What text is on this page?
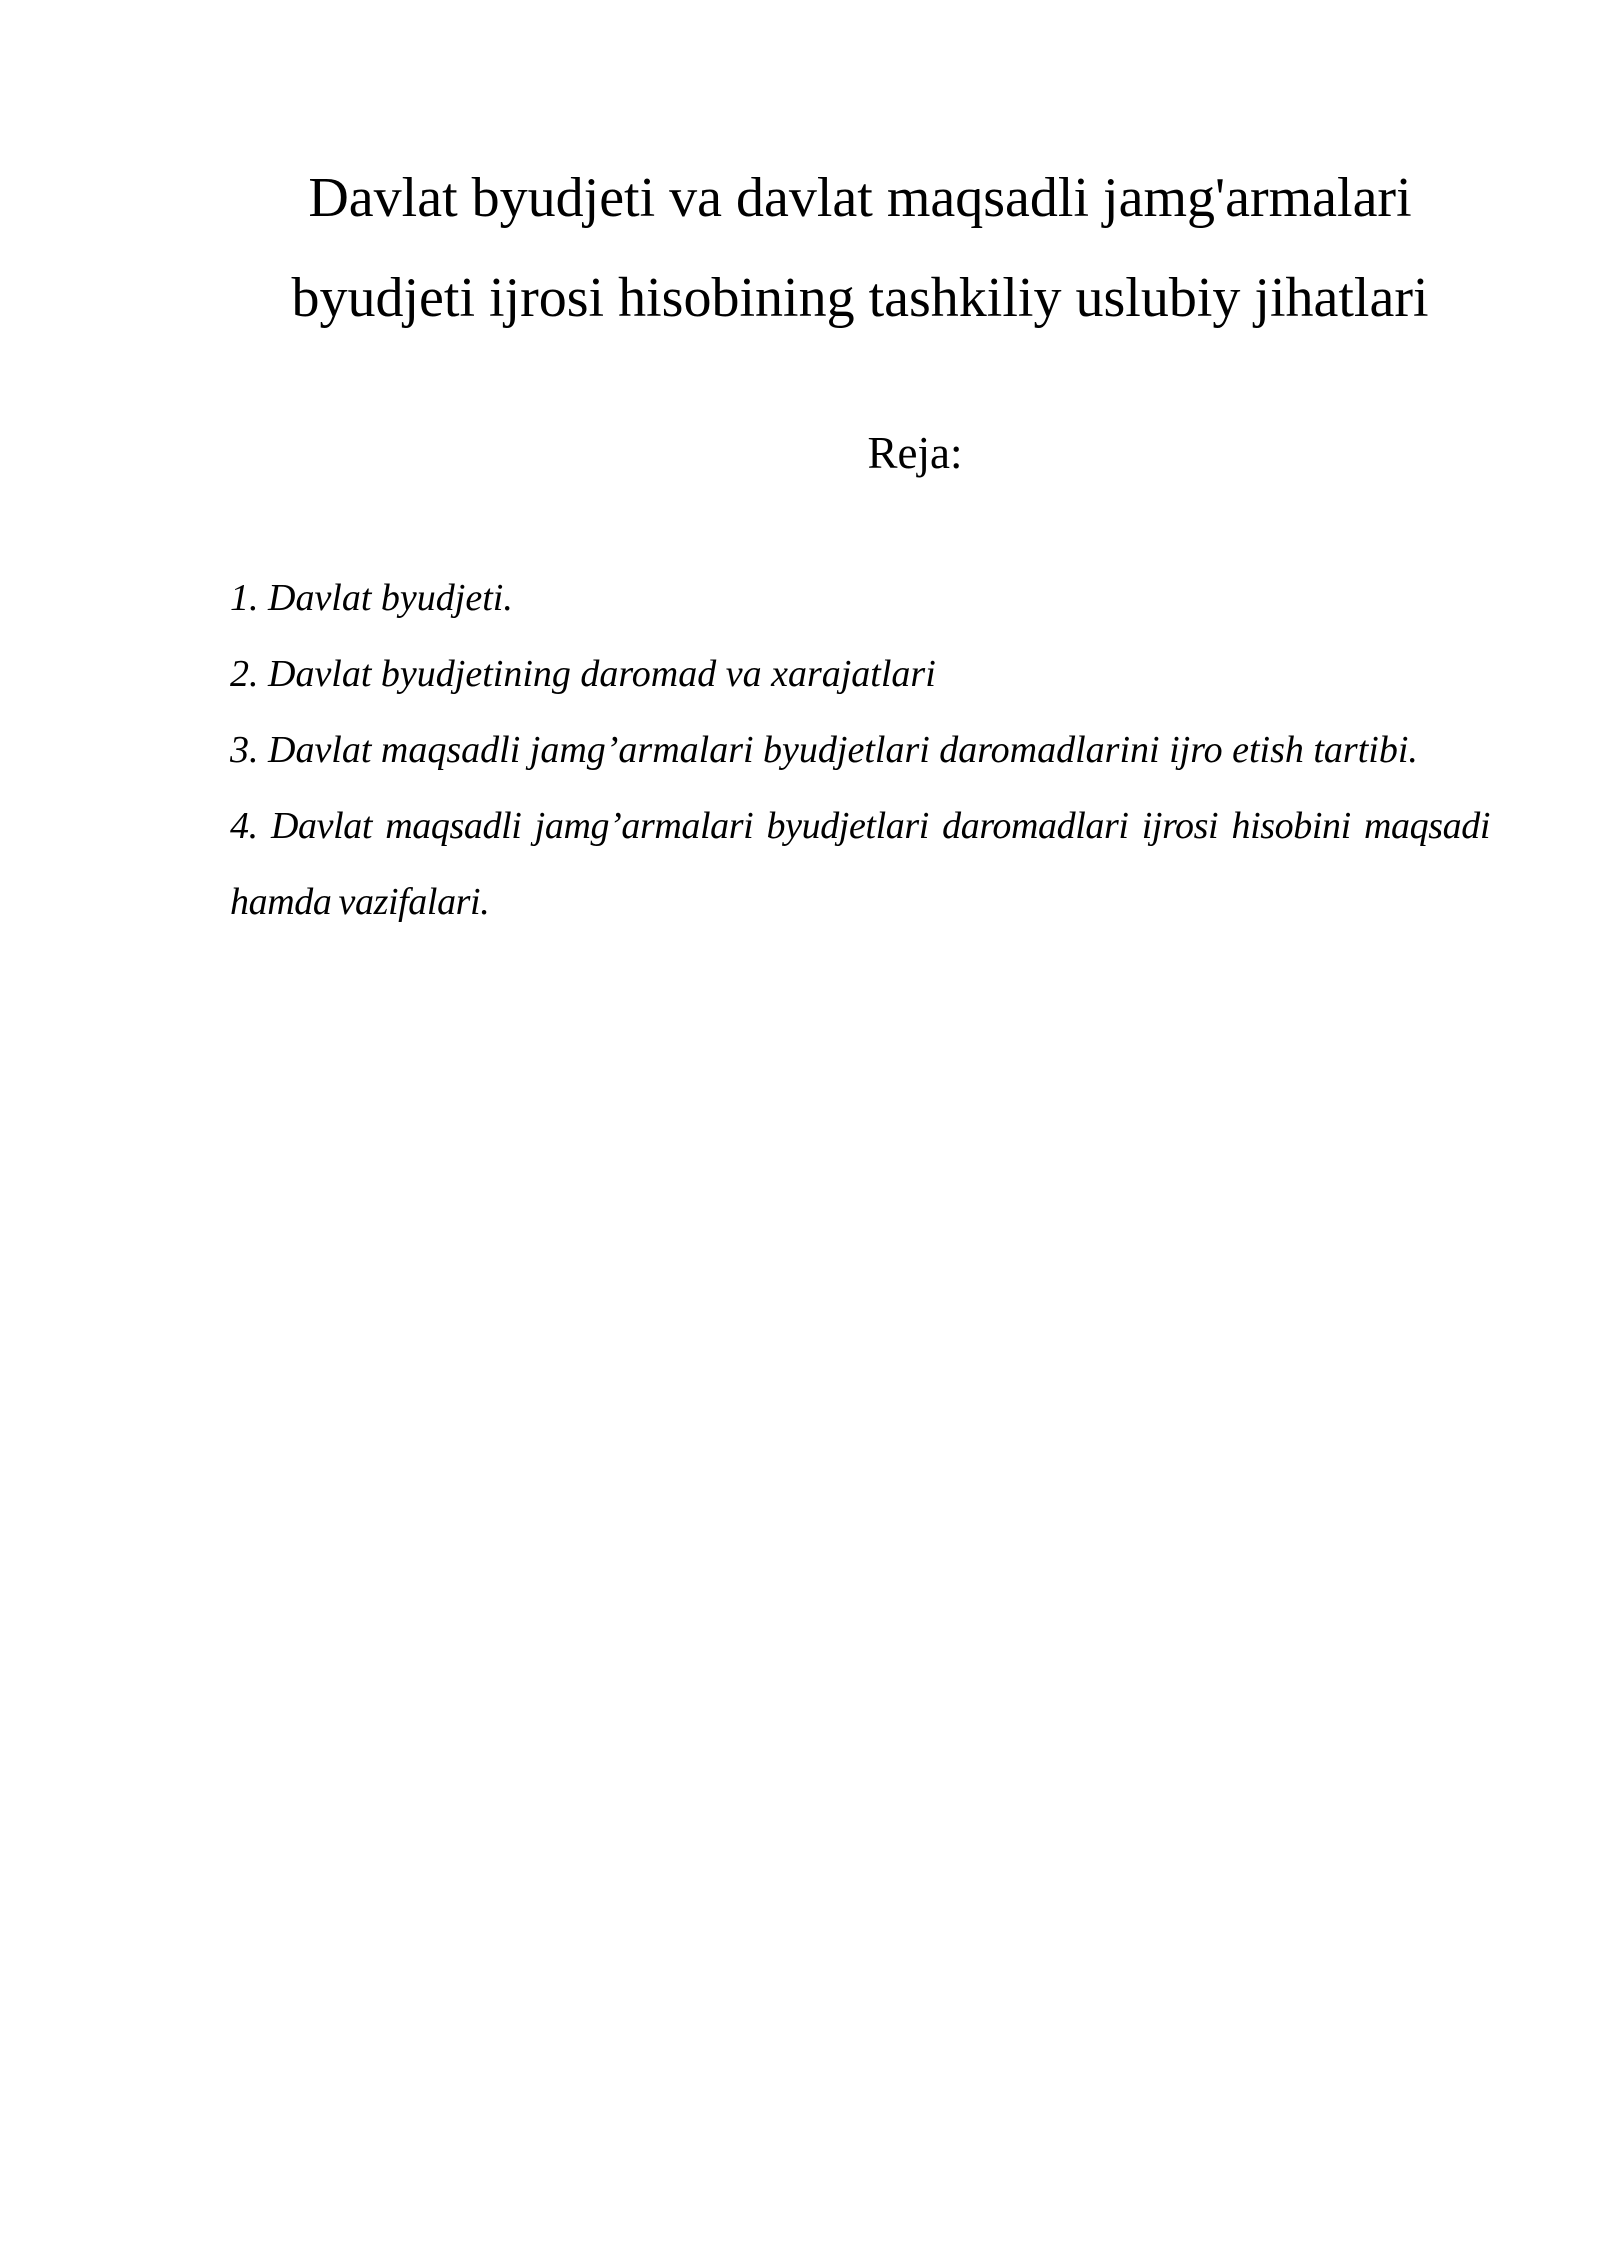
Davlat byudjeti va davlat maqsadli jamg'armalari
byudjeti ijrosi hisobining tashkiliy uslubiy jihatlari
Reja:
1. Davlat byudjeti.
2. Davlat byudjetining daromad va xarajatlari
3. Davlat maqsadli jamg’armalari byudjetlari daromadlarini ijro etish tartibi.
4. Davlat maqsadli jamg’armalari byudjetlari daromadlari ijrosi hisobini maqsadi hamda vazifalari.
